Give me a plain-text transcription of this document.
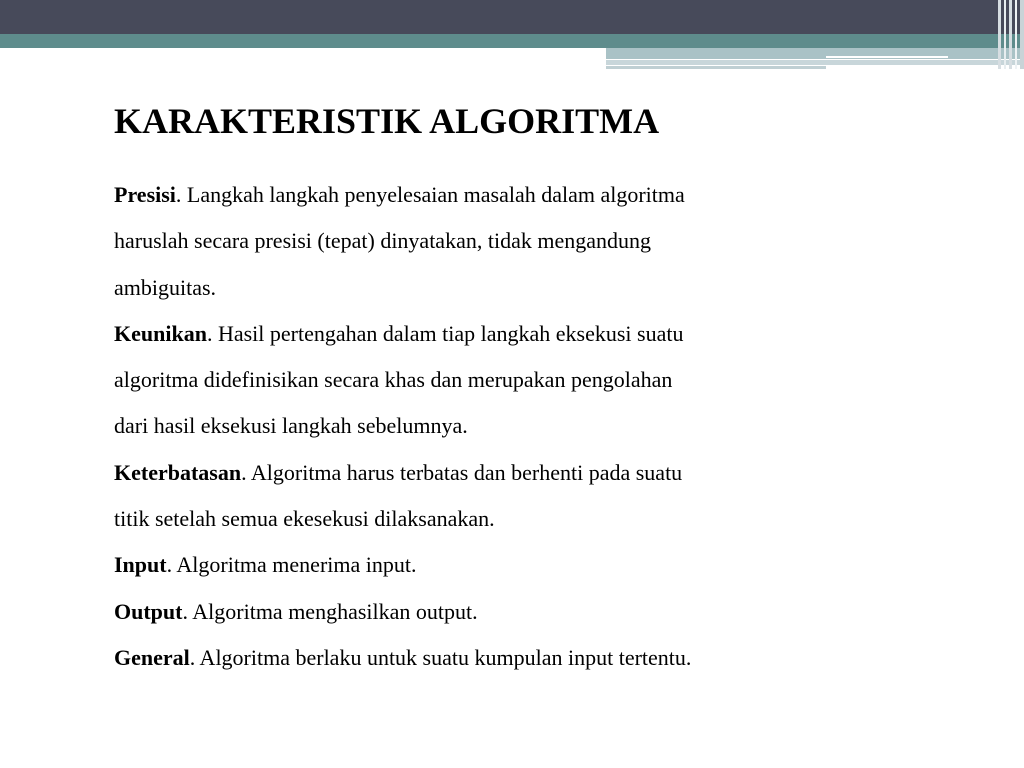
KARAKTERISTIK ALGORITMA
Presisi. Langkah langkah penyelesaian masalah dalam algoritma
haruslah secara presisi (tepat) dinyatakan, tidak mengandung
ambiguitas.
Keunikan. Hasil pertengahan dalam tiap langkah eksekusi suatu
algoritma didefinisikan secara khas dan merupakan pengolahan
dari hasil eksekusi langkah sebelumnya.
Keterbatasan. Algoritma harus terbatas dan berhenti pada suatu
titik setelah semua ekesekusi dilaksanakan.
Input. Algoritma menerima input.
Output. Algoritma menghasilkan output.
General. Algoritma berlaku untuk suatu kumpulan input tertentu.
